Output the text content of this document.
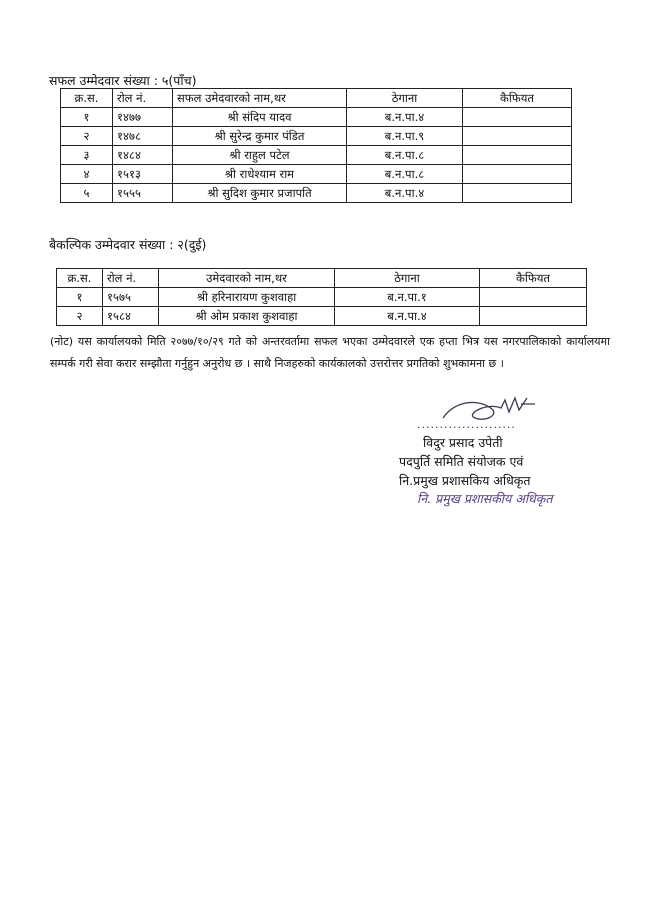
सफल उम्मेदवार संख्या : ५(पाँच)
क्र.स.	रोल नं.	सफल उमेदवारको नाम,थर	ठेगाना	कैफियत
१	१४७७	श्री संदिप यादव	ब.न.पा.४	
२	१४७८	श्री सुरेन्द्र कुमार पंडित	ब.न.पा.९	
३	१४८४	श्री राहुल पटेल	ब.न.पा.८	
४	१५१३	श्री राधेश्याम राम	ब.न.पा.८	
५	१५५५	श्री सुदिश कुमार प्रजापति	ब.न.पा.४	
बैकल्पिक उम्मेदवार संख्या : २(दुई)
क्र.स.	रोल नं.	उमेदवारको नाम,थर	ठेगाना	कैफियत
१	१५७५	श्री हरिनारायण कुशवाहा	ब.न.पा.१	
२	१५८४	श्री ओम प्रकाश कुशवाहा	ब.न.पा.४	
(नोट) यस कार्यालयको मिति २०७७/१०/२९ गते को अन्तरवर्तामा सफल भएका उम्मेदवारले एक हप्ता भित्र यस नगरपालिकाको कार्यालयमा सम्पर्क गरी सेवा करार सम्झौता गर्नुहुन अनुरोध छ । साथै निजहरुको कार्यकालको उत्तरोत्तर प्रगतिको शुभकामना छ ।
......................
विदुर प्रसाद उपेती
पदपुर्ति समिति संयोजक एवं
नि.प्रमुख प्रशासकिय अधिकृत
नि. प्रमुख प्रशासकीय अधिकृत
